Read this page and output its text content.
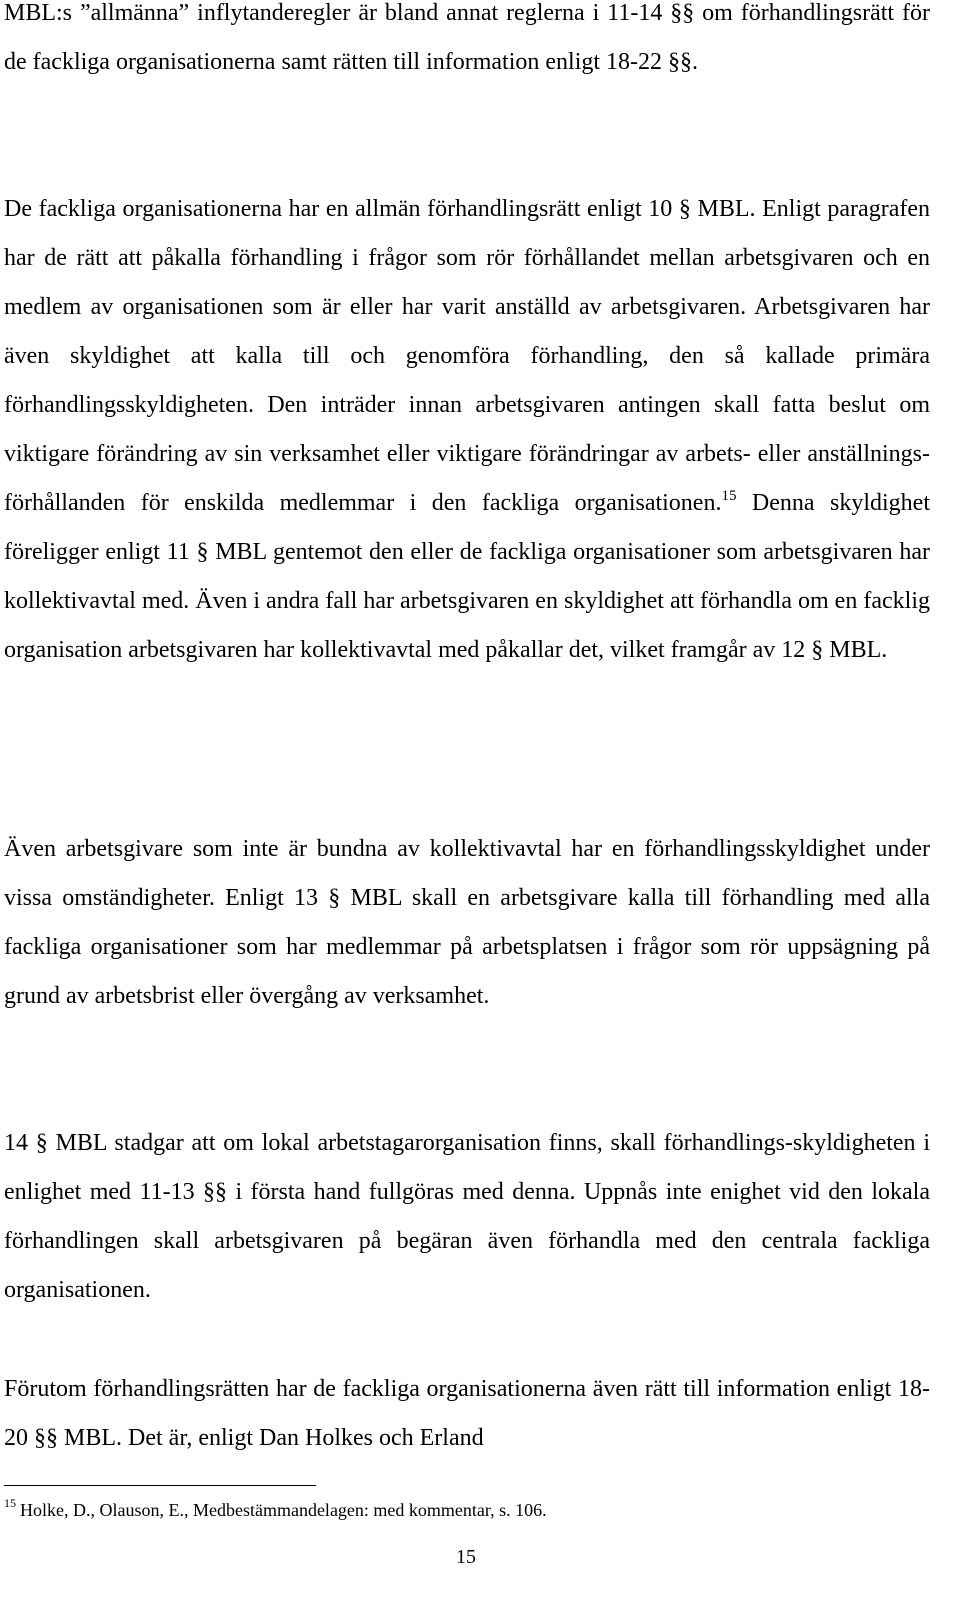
MBL:s ”allmänna” inflytanderegler är bland annat reglerna i 11-14 §§ om förhandlingsrätt för de fackliga organisationerna samt rätten till information enligt 18-22 §§.

De fackliga organisationerna har en allmän förhandlingsrätt enligt 10 § MBL. Enligt paragrafen har de rätt att påkalla förhandling i frågor som rör förhållandet mellan arbetsgivaren och en medlem av organisationen som är eller har varit anställd av arbetsgivaren. Arbetsgivaren har även skyldighet att kalla till och genomföra förhandling, den så kallade primära förhandlingsskyldigheten. Den inträder innan arbetsgivaren antingen skall fatta beslut om viktigare förändring av sin verksamhet eller viktigare förändringar av arbets- eller anställnings-förhållanden för enskilda medlemmar i den fackliga organisationen.$^{15}$ Denna skyldighet föreligger enligt 11 § MBL gentemot den eller de fackliga organisationer som arbetsgivaren har kollektivavtal med. Även i andra fall har arbetsgivaren en skyldighet att förhandla om en facklig organisation arbetsgivaren har kollektivavtal med påkallar det, vilket framgår av 12 § MBL.

Även arbetsgivare som inte är bundna av kollektivavtal har en förhandlingsskyldighet under vissa omständigheter. Enligt 13 § MBL skall en arbetsgivare kalla till förhandling med alla fackliga organisationer som har medlemmar på arbetsplatsen i frågor som rör uppsägning på grund av arbetsbrist eller övergång av verksamhet.

14 § MBL stadgar att om lokal arbetstagarorganisation finns, skall förhandlings-skyldigheten i enlighet med 11-13 §§ i första hand fullgöras med denna. Uppnås inte enighet vid den lokala förhandlingen skall arbetsgivaren på begäran även förhandla med den centrala fackliga organisationen.

Förutom förhandlingsrätten har de fackliga organisationerna även rätt till information enligt 18-20 §§ MBL. Det är, enligt Dan Holkes och Erland

$^{15}$ Holke, D., Olauson, E., Medbestämmandelagen: med kommentar, s. 106.
15
